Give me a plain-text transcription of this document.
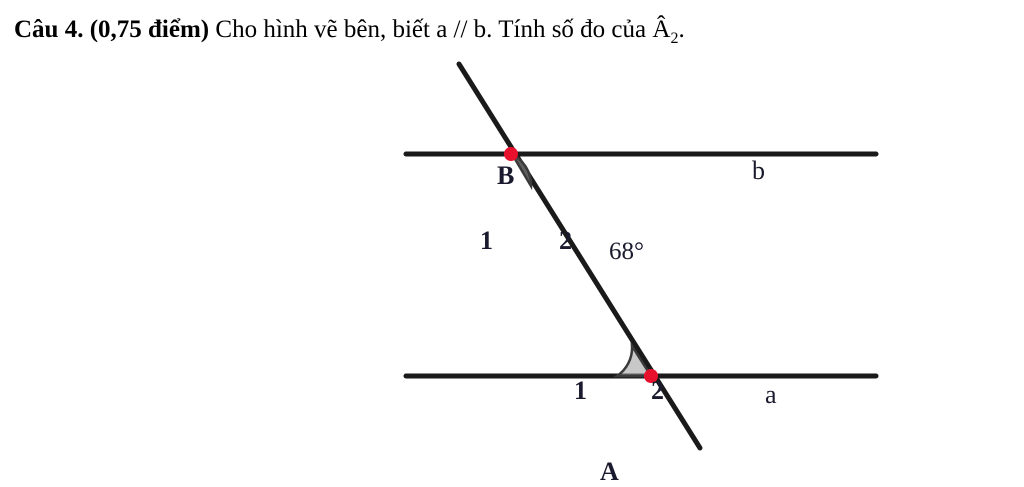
Câu 4. (0,75 điểm) Cho hình vẽ bên, biết a // b. Tính số đo của $Â_2$.
b
B
1	2 68°
1 2	a
A
